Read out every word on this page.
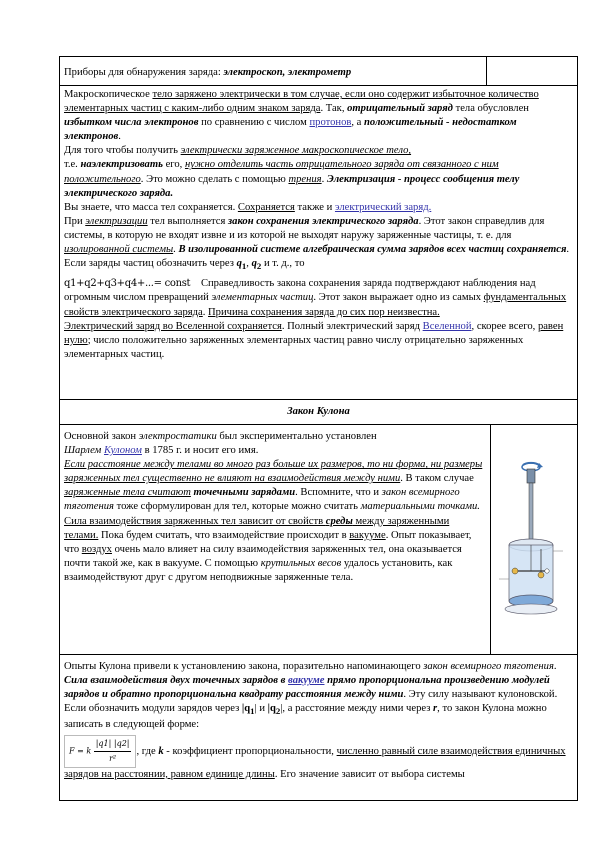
Приборы для обнаружения заряда: электроскоп, электрометр
Макроскопическое тело заряжено электрически в том случае, если оно содержит избыточное количество элементарных частиц с каким-либо одним знаком заряда. Так, отрицательный заряд тела обусловлен избытком числа электронов по сравнению с числом протонов, а положительный - недостатком электронов.
Для того чтобы получить электрически заряженное макроскопическое тело,
т.е. наэлектризовать его, нужно отделить часть отрицательного заряда от связанного с ним положительного. Это можно сделать с помощью трения. Электризация - процесс сообщения телу электрического заряда.
Вы знаете, что масса тел сохраняется. Сохраняется также и электрический заряд.
При электризации тел выполняется закон сохранения электрического заряда. Этот закон справедлив для системы, в которую не входят извне и из которой не выходят наружу заряженные частицы, т. е. для изолированной системы. В изолированной системе алгебраическая сумма зарядов всех частиц сохраняется. Если заряды частиц обозначить через $q_1$, $q_2$ и т. д., то
q1+q2+q3+q4+...= const Справедливость закона сохранения заряда подтверждают наблюдения над огромным числом превращений элементарных частиц. Этот закон выражает одно из самых фундаментальных свойств электрического заряда. Причина сохранения заряда до сих пор неизвестна.
Электрический заряд во Вселенной сохраняется. Полный электрический заряд Вселенной, скорее всего, равен нулю; число положительно заряженных элементарных частиц равно числу отрицательно заряженных элементарных частиц.
Закон Кулона
Основной закон электростатики был экспериментально установлен
Шарлем Кулоном в 1785 г. и носит его имя.
Если расстояние между телами во много раз больше их размеров, то ни форма, ни размеры заряженных тел существенно не влияют на взаимодействия между ними. В таком случае заряженные тела считают точечными зарядами. Вспомните, что и закон всемирного тяготения тоже сформулирован для тел, которые можно считать материальными точками.
Сила взаимодействия заряженных тел зависит от свойств среды между заряженными телами. Пока будем считать, что взаимодействие происходит в вакууме. Опыт показывает, что воздух очень мало влияет на силу взаимодействия заряженных тел, она оказывается почти такой же, как в вакууме. С помощью крутильных весов удалось установить, как взаимодействуют друг с другом неподвижные заряженные тела.
Опыты Кулона привели к установлению закона, поразительно напоминающего закон всемирного тяготения. Сила взаимодействия двух точечных зарядов в вакууме прямо пропорциональна произведению модулей зарядов и обратно пропорциональна квадрату расстояния между ними. Эту силу называют кулоновской.
Если обозначить модули зарядов через $|q_1|$ и $|q_2|$, а расстояние между ними через r, то закон Кулона можно записать в следующей форме:
F = k $\frac{|q1| |q2|}{\text{r²}}$ , где k - коэффициент пропорциональности, численно равный силе взаимодействия единичных зарядов на расстоянии, равном единице длины. Его значение зависит от выбора системы
